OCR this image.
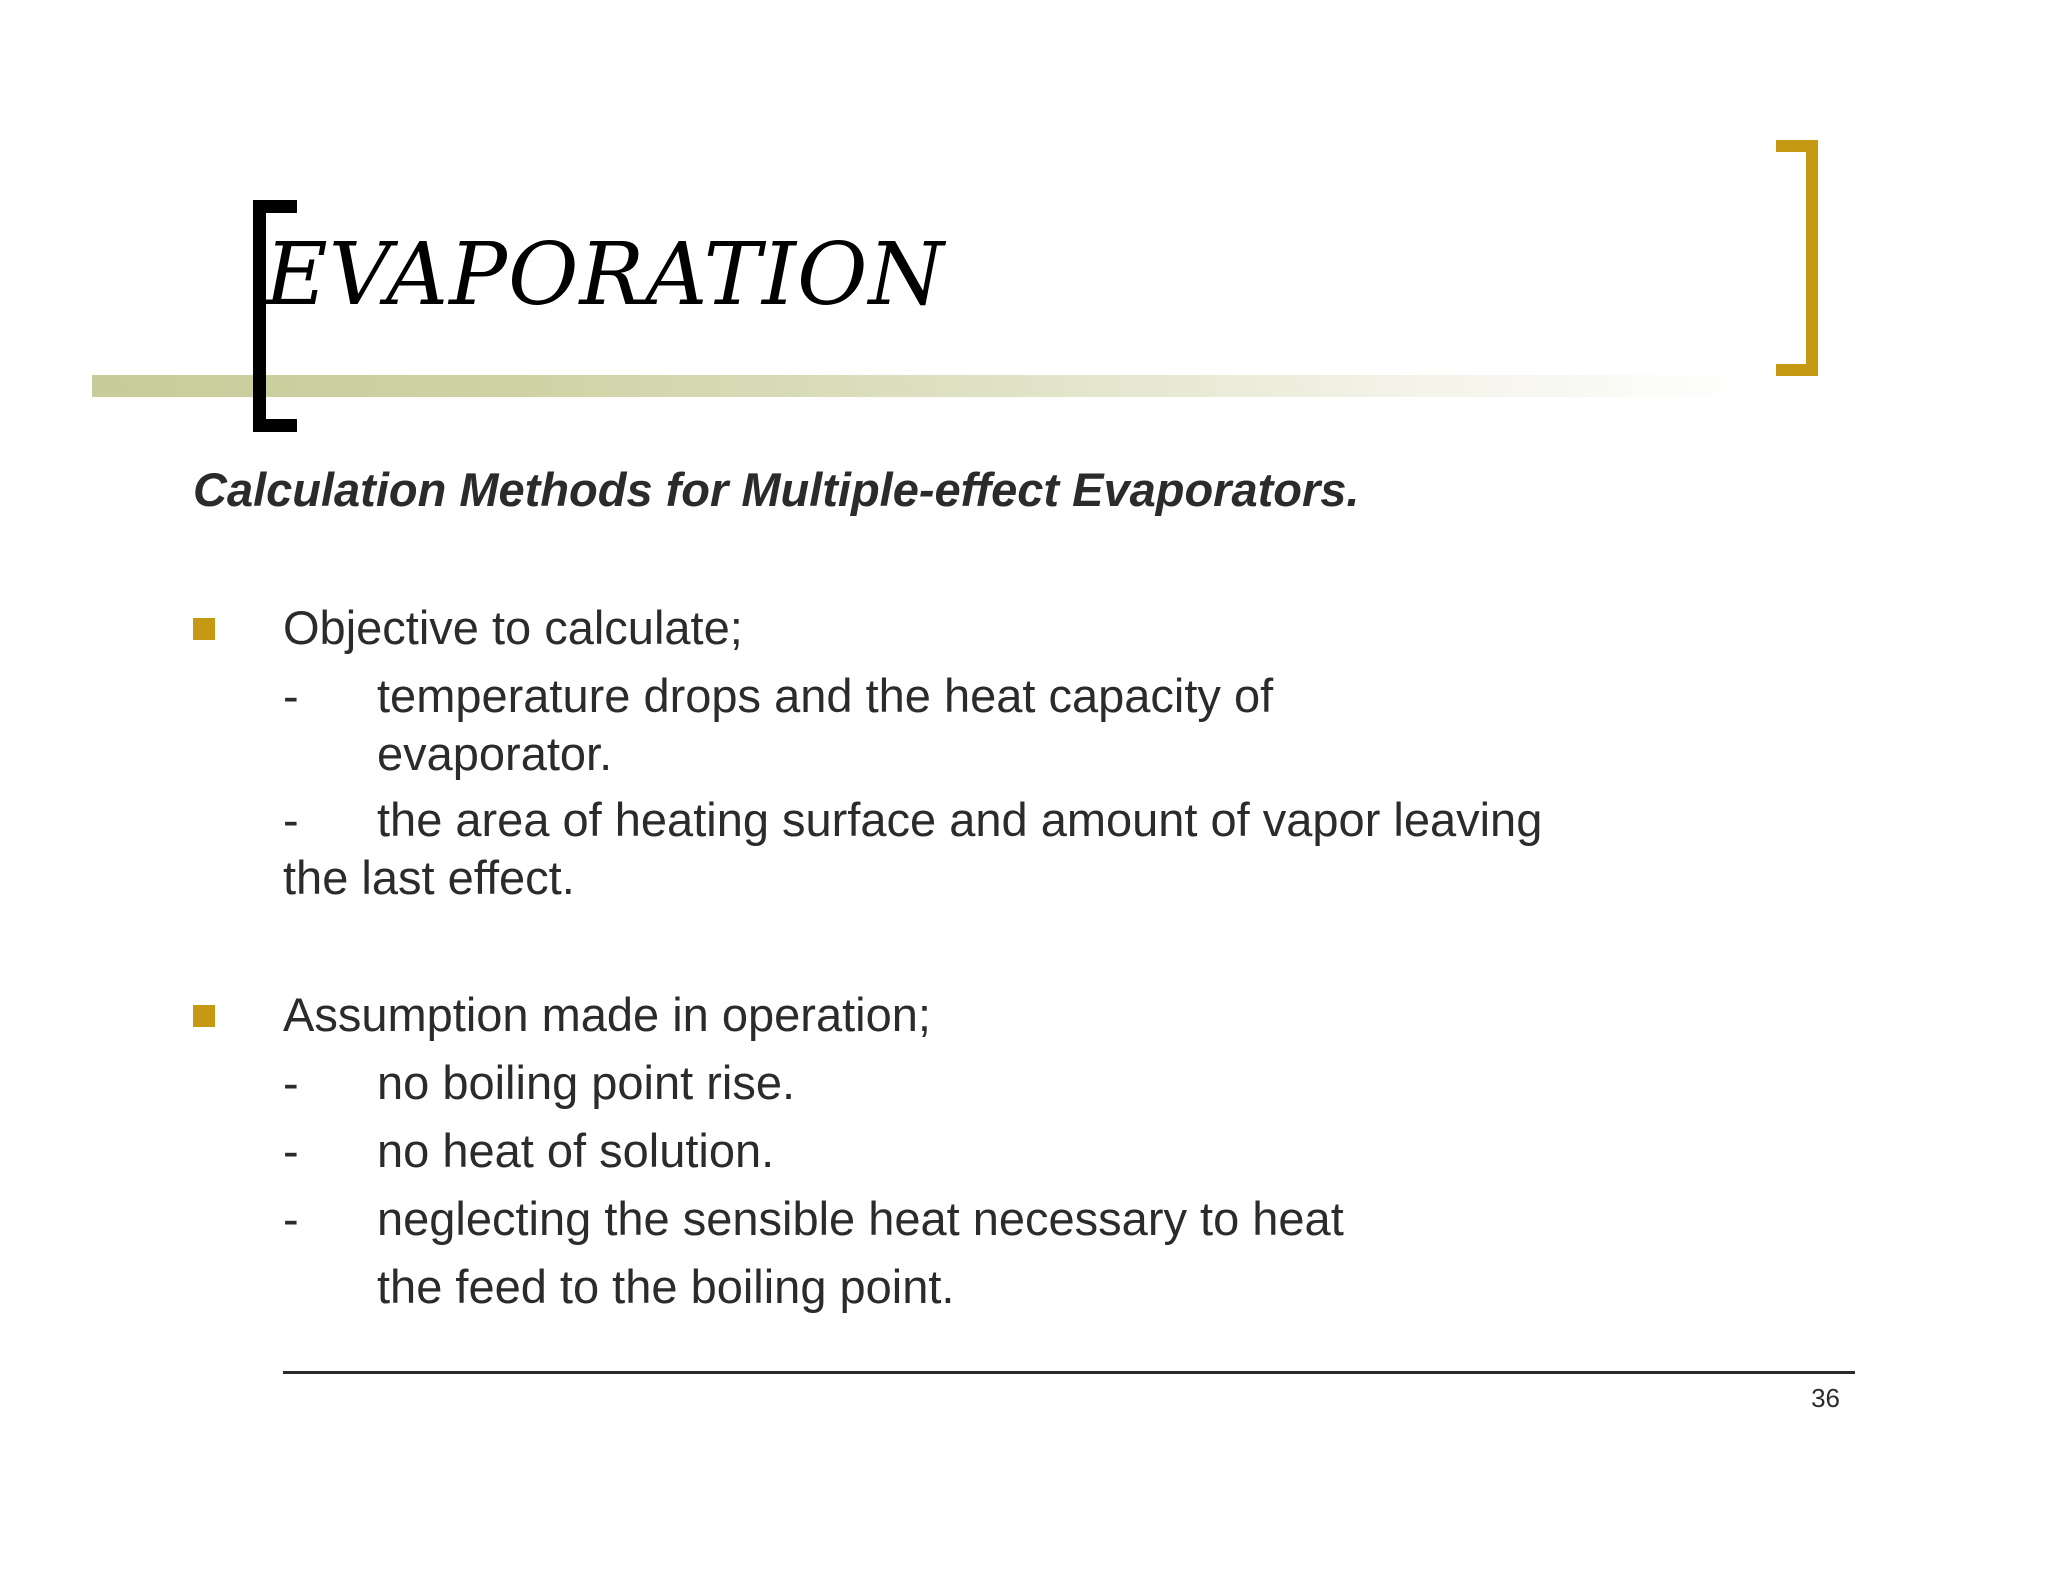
EVAPORATION
Calculation Methods for Multiple-effect Evaporators.
Objective to calculate;
- temperature drops and the heat capacity of
evaporator.
- the area of heating surface and amount of vapor leaving
the last effect.
Assumption made in operation;
- no boiling point rise.
- no heat of solution.
- neglecting the sensible heat necessary to heat
the feed to the boiling point.
36
